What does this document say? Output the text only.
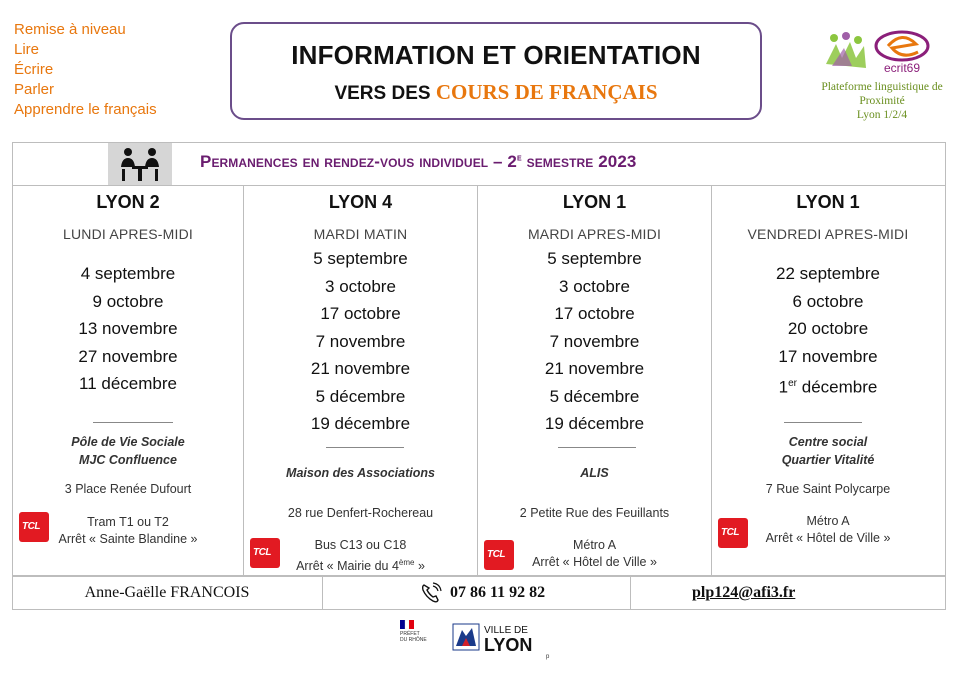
Remise à niveau
Lire
Écrire
Parler
Apprendre le français
INFORMATION ET ORIENTATION
VERS DES COURS DE FRANÇAIS
ecrit69
Plateforme linguistique de
Proximité
Lyon 1/2/4
Permanences en rendez-vous individuel – 2e semestre 2023
LYON 2
LUNDI APRES-MIDI
4 septembre
9 octobre
13 novembre
27 novembre
11 décembre
Pôle de Vie Sociale
MJC Confluence
3 Place Renée Dufourt
TCL	Tram T1 ou T2
Arrêt « Sainte Blandine »
LYON 4
MARDI MATIN
5 septembre
3 octobre
17 octobre
7 novembre
21 novembre
5 décembre
19 décembre
Maison des Associations
28 rue Denfert-Rochereau
TCL
Bus C13 ou C18
Arrêt « Mairie du 4ème »
LYON 1
MARDI APRES-MIDI
5 septembre
3 octobre
17 octobre
7 novembre
21 novembre
5 décembre
19 décembre
ALIS
2 Petite Rue des Feuillants
TCL
Métro A
Arrêt « Hôtel de Ville »
LYON 1
VENDREDI APRES-MIDI
22 septembre
6 octobre
20 octobre
17 novembre
1er décembre
Centre social
Quartier Vitalité
7 Rue Saint Polycarpe
TCL
Métro A
Arrêt « Hôtel de Ville »
Anne-Gaëlle FRANCOIS	07 86 11 92 82	plp124@afi3.fr
PRÉFET
DU RHÔNE
VILLE DE
LYON
p
